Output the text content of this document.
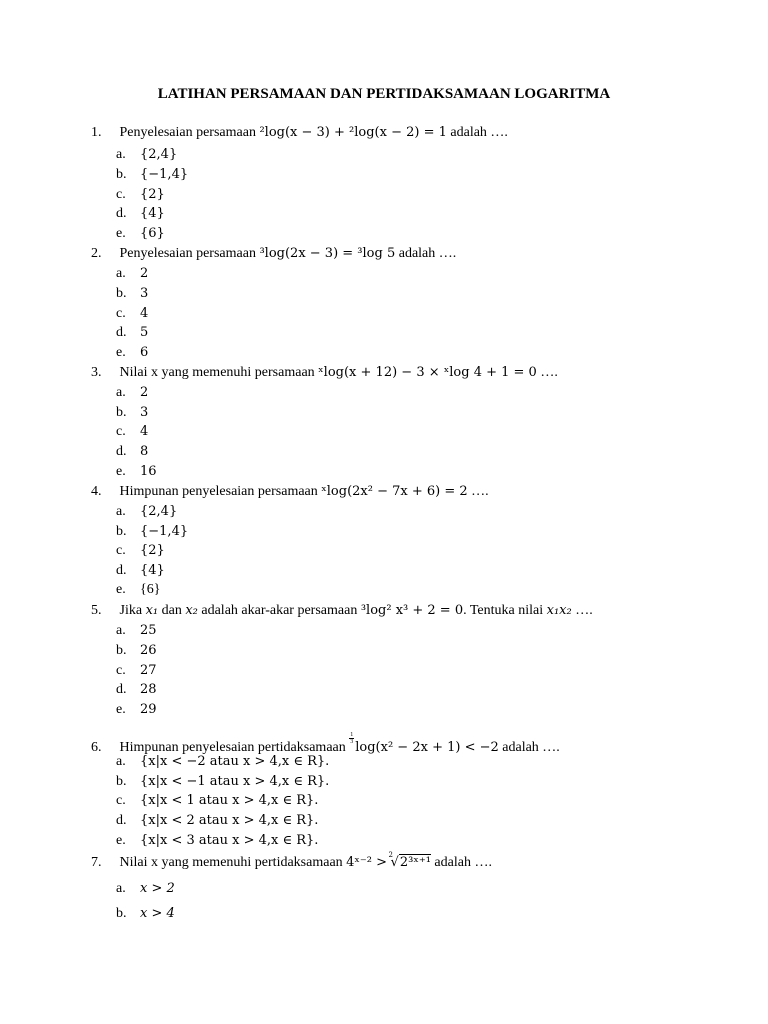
LATIHAN PERSAMAAN DAN PERTIDAKSAMAAN LOGARITMA
1. Penyelesaian persamaan ²log(x − 3) + ²log(x − 2) = 1 adalah ….
a. {2,4}
b. {−1,4}
c. {2}
d. {4}
e. {6}
2. Penyelesaian persamaan ³log(2x − 3) = ³log 5 adalah ….
a. 2
b. 3
c. 4
d. 5
e. 6
3. Nilai x yang memenuhi persamaan ˣlog(x + 12) − 3 × ˣlog 4 + 1 = 0 ….
a. 2
b. 3
c. 4
d. 8
e. 16
4. Himpunan penyelesaian persamaan ˣlog(2x² − 7x + 6) = 2 ….
a. {2,4}
b. {−1,4}
c. {2}
d. {4}
e. {6}
5. Jika x₁ dan x₂ adalah akar-akar persamaan ³log² x³ + 2 = 0. Tentuka nilai x₁x₂ ….
a. 25
b. 26
c. 27
d. 28
e. 29
6. Himpunan penyelesaian pertidaksamaan
$\frac{1}{3}\log(x^2 - 2x + 1) < -2$ adalah ….
a. {x|x < −2 atau x > 4,x ∈ R}.
b. {x|x < −1 atau x > 4,x ∈ R}.
c. {x|x < 1 atau x > 4,x ∈ R}.
d. {x|x < 2 atau x > 4,x ∈ R}.
e. {x|x < 3 atau x > 4,x ∈ R}.
7. Nilai x yang memenuhi pertidaksamaan 4ˣ⁻² > 2
√2³ˣ⁺¹ adalah ….
a. x > 2
b. x > 4
